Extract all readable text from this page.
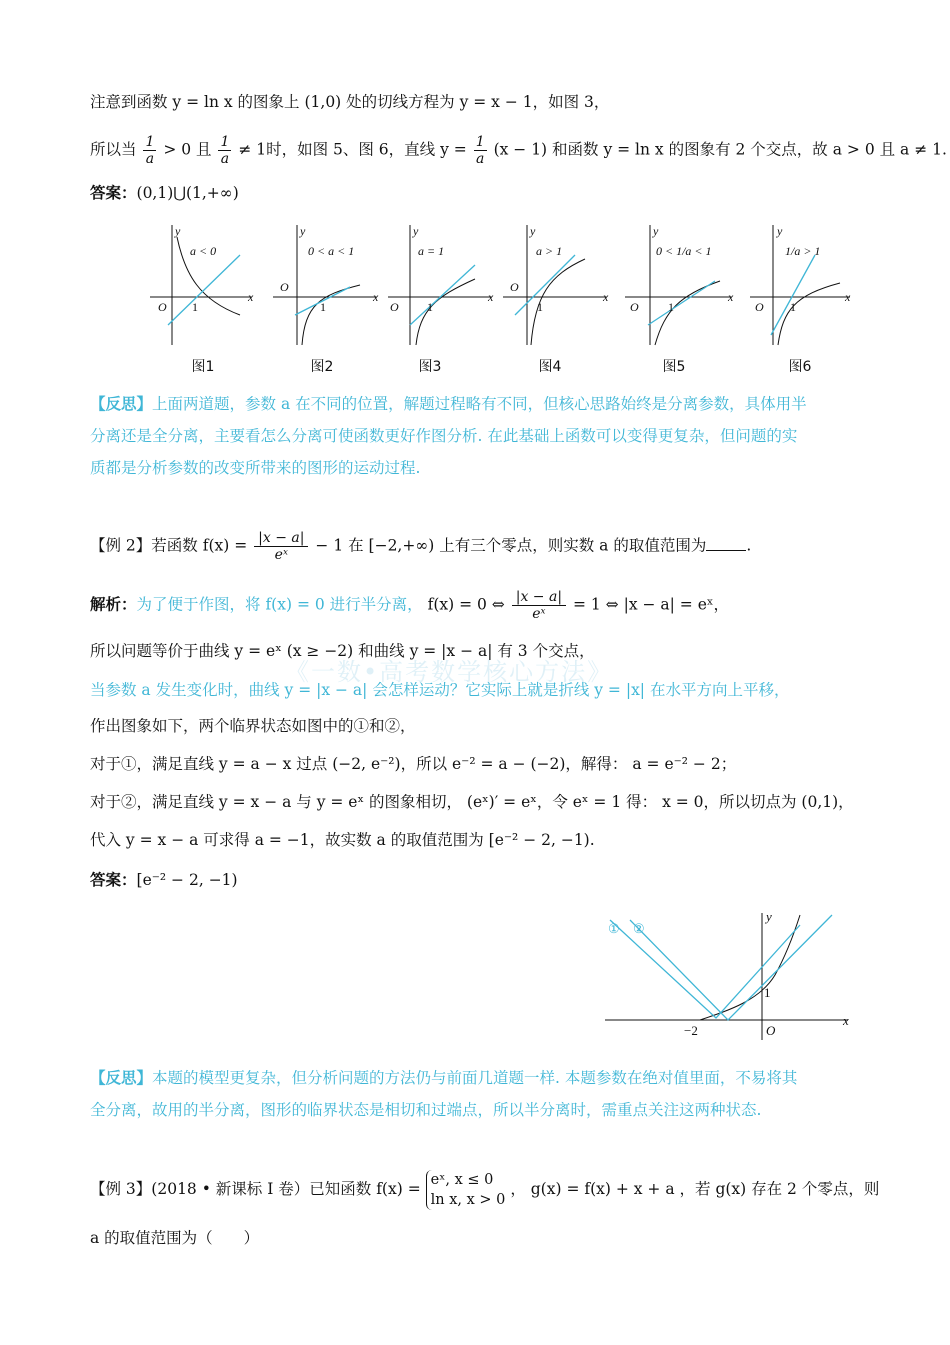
注意到函数 y = ln x 的图象上 (1,0) 处的切线方程为 y = x − 1，如图 3，
所以当 $\frac{1}{a} > 0$ 且 $\frac{1}{a} \ne 1$时，如图 5、图 6，直线 $y = \frac{1}{a} (x - 1)$ 和函数 y = ln x 的图象有 2 个交点，故 a > 0 且 a ≠ 1.
答案：(0,1)⋃(1,+∞)
y
x
O 1
a < 0
y
x
O
1
0 < a < 1
y
x
O 1
a = 1
y
x
O
1
a > 1
y
x
O 1
0 < 1/a < 1
y
x
O 1
1/a > 1
图1	图2	图3	图4	图5	图6
【反思】上面两道题，参数 a 在不同的位置，解题过程略有不同，但核心思路始终是分离参数，具体用半
分离还是全分离，主要看怎么分离可使函数更好作图分析. 在此基础上函数可以变得更复杂，但问题的实
质都是分析参数的改变所带来的图形的运动过程.
【例 2】若函数 $f(x) = \frac{|x - a|}{\text{eˣ}} - 1$ 在 [−2,+∞) 上有三个零点，则实数 a 的取值范围为	.
解析：为了便于作图，将 f(x) = 0 进行半分离， f(x) = 0 ⇔ $\frac{|x - a|}{\text{eˣ}} = 1$ ⇔ |x − a| = eˣ，
《一数•高考数学核心方法》
所以问题等价于曲线 y = eˣ (x ≥ −2) 和曲线 y = |x − a| 有 3 个交点，
当参数 a 发生变化时，曲线 y = |x − a| 会怎样运动？它实际上就是折线 y = |x| 在水平方向上平移，
作出图象如下，两个临界状态如图中的①和②，
对于①，满足直线 y = a − x 过点 (−2, e⁻²)，所以 e⁻² = a − (−2)，解得： a = e⁻² − 2；
对于②，满足直线 y = x − a 与 y = eˣ 的图象相切， (eˣ)′ = eˣ，令 eˣ = 1 得： x = 0，所以切点为 (0,1)，
代入 y = x − a 可求得 a = −1，故实数 a 的取值范围为 [e⁻² − 2, −1).
答案：[e⁻² − 2, −1)
① ②
y
x
O
1
−2
【反思】本题的模型更复杂，但分析问题的方法仍与前面几道题一样. 本题参数在绝对值里面，不易将其
全分离，故用的半分离，图形的临界状态是相切和过端点，所以半分离时，需重点关注这两种状态.
【例 3】(2018 • 新课标 I 卷）已知函数 f(x) = eˣ, x ≤ 0
ln x, x > 0
， g(x) = f(x) + x + a ，若 g(x) 存在 2 个零点，则
a 的取值范围为（　　）
